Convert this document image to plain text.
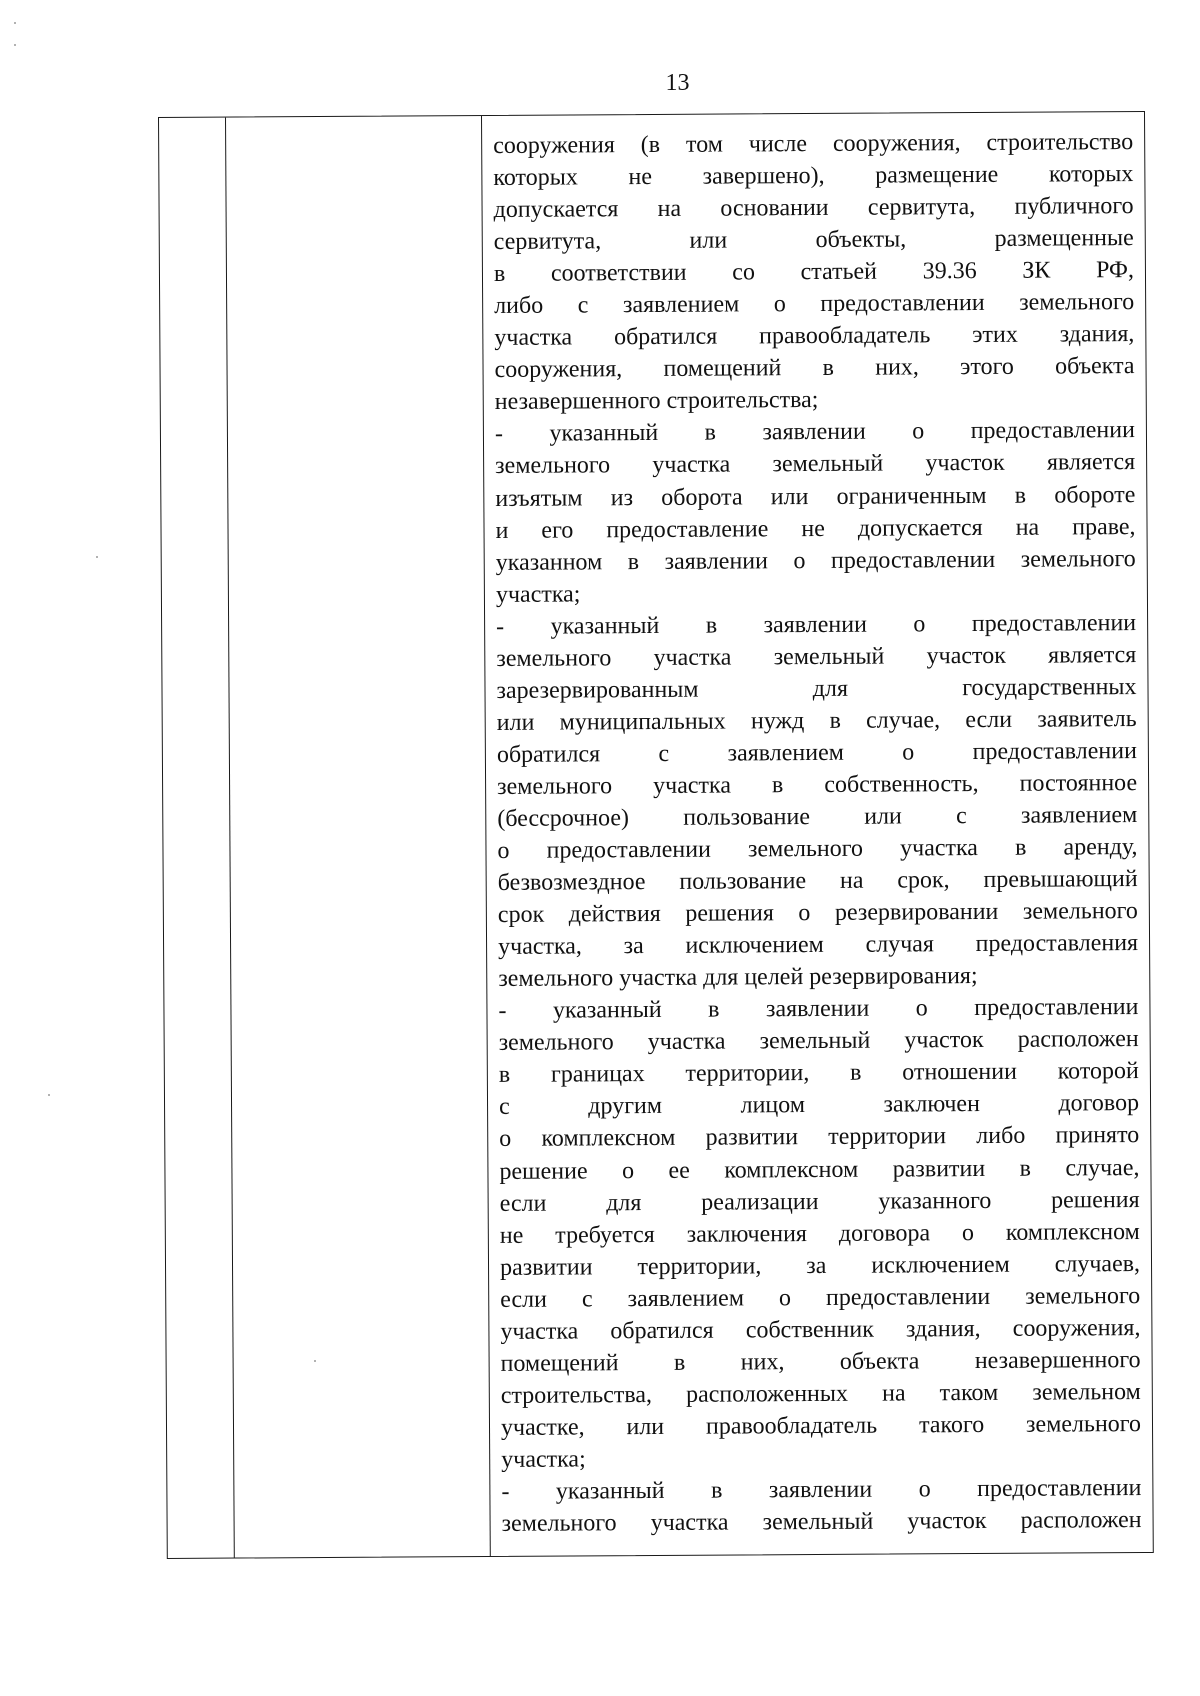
13
сооружения (в том числе сооружения, строительство
которых не завершено), размещение которых
допускается на основании сервитута, публичного
сервитута, или объекты, размещенные
в соответствии со статьей 39.36 ЗК РФ,
либо с заявлением о предоставлении земельного
участка обратился правообладатель этих здания,
сооружения, помещений в них, этого объекта
незавершенного строительства;
- указанный в заявлении о предоставлении
земельного участка земельный участок является
изъятым из оборота или ограниченным в обороте
и его предоставление не допускается на праве,
указанном в заявлении о предоставлении земельного
участка;
- указанный в заявлении о предоставлении
земельного участка земельный участок является
зарезервированным для государственных
или муниципальных нужд в случае, если заявитель
обратился с заявлением о предоставлении
земельного участка в собственность, постоянное
(бессрочное) пользование или с заявлением
о предоставлении земельного участка в аренду,
безвозмездное пользование на срок, превышающий
срок действия решения о резервировании земельного
участка, за исключением случая предоставления
земельного участка для целей резервирования;
- указанный в заявлении о предоставлении
земельного участка земельный участок расположен
в границах территории, в отношении которой
с другим лицом заключен договор
о комплексном развитии территории либо принято
решение о ее комплексном развитии в случае,
если для реализации указанного решения
не требуется заключения договора о комплексном
развитии территории, за исключением случаев,
если с заявлением о предоставлении земельного
участка обратился собственник здания, сооружения,
помещений в них, объекта незавершенного
строительства, расположенных на таком земельном
участке, или правообладатель такого земельного
участка;
- указанный в заявлении о предоставлении
земельного участка земельный участок расположен
